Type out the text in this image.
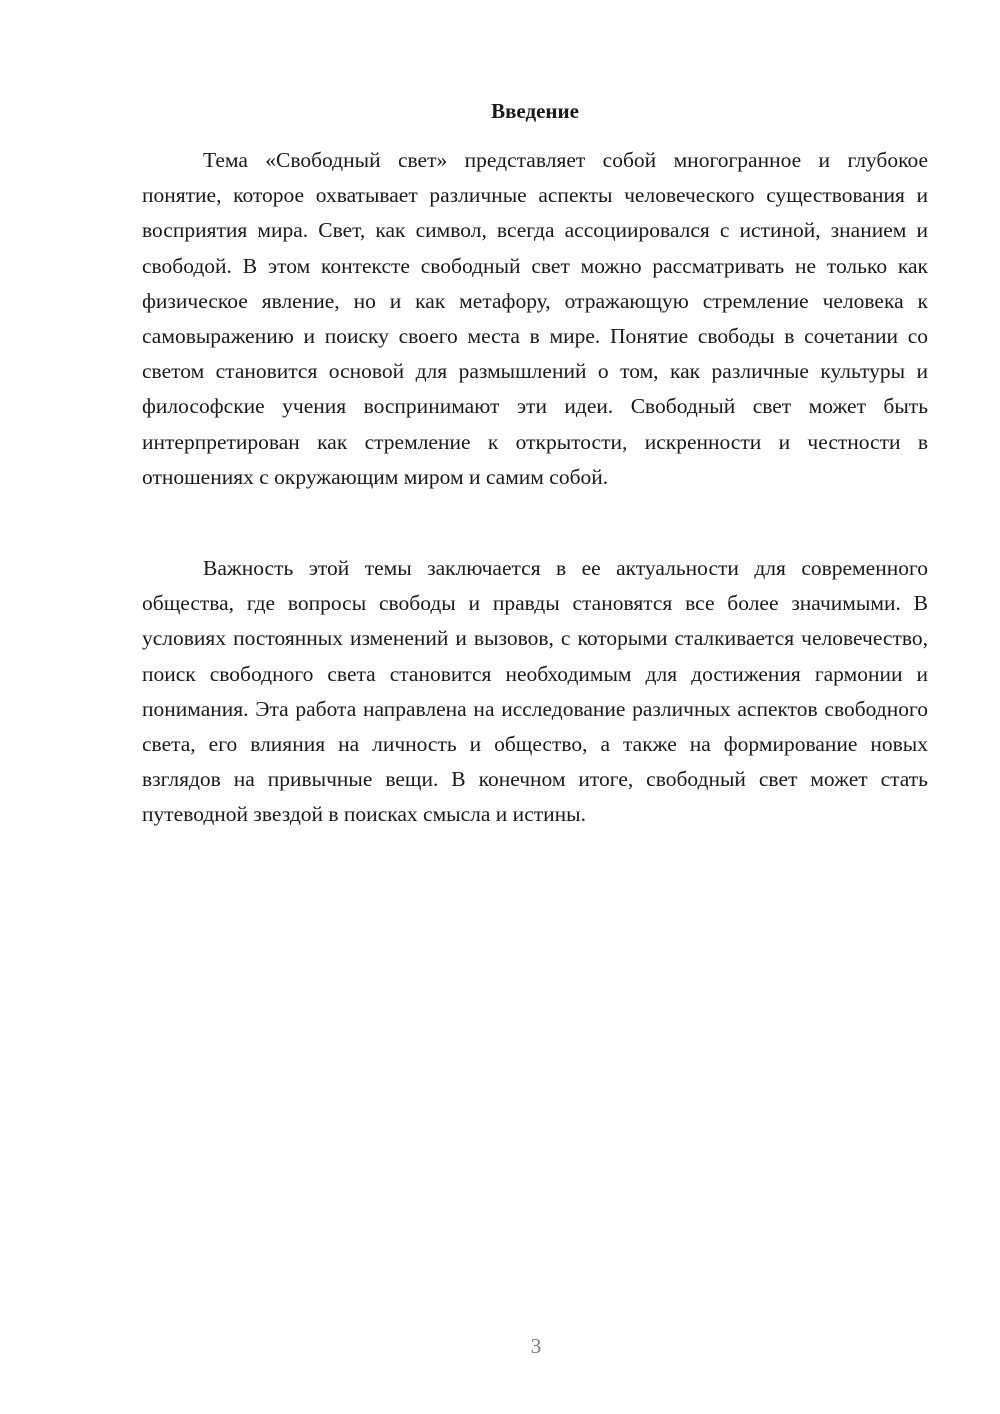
Введение

Тема «Свободный свет» представляет собой многогранное и глубокое понятие, которое охватывает различные аспекты человеческого существования и восприятия мира. Свет, как символ, всегда ассоциировался с истиной, знанием и свободой. В этом контексте свободный свет можно рассматривать не только как физическое явление, но и как метафору, отражающую стремление человека к самовыражению и поиску своего места в мире. Понятие свободы в сочетании со светом становится основой для размышлений о том, как различные культуры и философские учения воспринимают эти идеи. Свободный свет может быть интерпретирован как стремление к открытости, искренности и честности в отношениях с окружающим миром и самим собой.

Важность этой темы заключается в ее актуальности для современного общества, где вопросы свободы и правды становятся все более значимыми. В условиях постоянных изменений и вызовов, с которыми сталкивается человечество, поиск свободного света становится необходимым для достижения гармонии и понимания. Эта работа направлена на исследование различных аспектов свободного света, его влияния на личность и общество, а также на формирование новых взглядов на привычные вещи. В конечном итоге, свободный свет может стать путеводной звездой в поисках смысла и истины.

3
